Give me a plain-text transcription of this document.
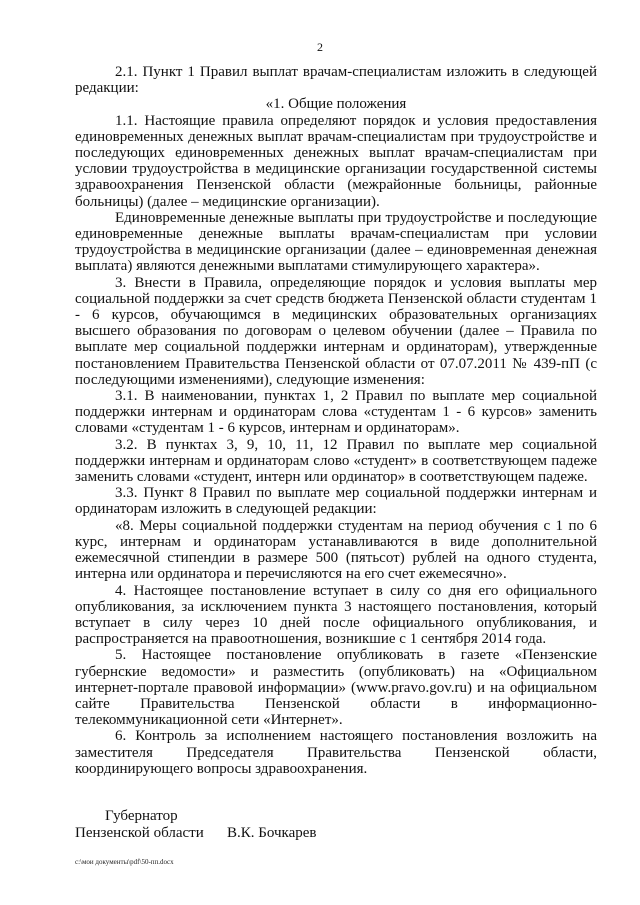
2

2.1. Пункт 1 Правил выплат врачам-специалистам изложить в следующей редакции:

«1. Общие положения

1.1. Настоящие правила определяют порядок и условия предоставления единовременных денежных выплат врачам-специалистам при трудоустройстве и последующих единовременных денежных выплат врачам-специалистам при условии трудоустройства в медицинские организации государственной системы здравоохранения Пензенской области (межрайонные больницы, районные больницы) (далее – медицинские организации).

Единовременные денежные выплаты при трудоустройстве и последующие единовременные денежные выплаты врачам-специалистам при условии трудоустройства в медицинские организации (далее – единовременная денежная выплата) являются денежными выплатами стимулирующего характера».

3. Внести в Правила, определяющие порядок и условия выплаты мер социальной поддержки за счет средств бюджета Пензенской области студентам 1 - 6 курсов, обучающимся в медицинских образовательных организациях высшего образования по договорам о целевом обучении (далее – Правила по выплате мер социальной поддержки интернам и ординаторам), утвержденные постановлением Правительства Пензенской области от 07.07.2011 № 439-пП (с последующими изменениями), следующие изменения:

3.1. В наименовании, пунктах 1, 2 Правил по выплате мер социальной поддержки интернам и ординаторам слова «студентам 1 - 6 курсов» заменить словами «студентам 1 - 6 курсов, интернам и ординаторам».

3.2. В пунктах 3, 9, 10, 11, 12 Правил по выплате мер социальной поддержки интернам и ординаторам слово «студент» в соответствующем падеже заменить словами «студент, интерн или ординатор» в соответствующем падеже.

3.3. Пункт 8 Правил по выплате мер социальной поддержки интернам и ординаторам изложить в следующей редакции:

«8. Меры социальной поддержки студентам на период обучения с 1 по 6 курс, интернам и ординаторам устанавливаются в виде дополнительной ежемесячной стипендии в размере 500 (пятьсот) рублей на одного студента, интерна или ординатора и перечисляются на его счет ежемесячно».

4. Настоящее постановление вступает в силу со дня его официального опубликования, за исключением пункта 3 настоящего постановления, который вступает в силу через 10 дней после официального опубликования, и распространяется на правоотношения, возникшие с 1 сентября 2014 года.

5. Настоящее постановление опубликовать в газете «Пензенские губернские ведомости» и разместить (опубликовать) на «Официальном интернет-портале правовой информации» (www.pravo.gov.ru) и на официальном сайте Правительства Пензенской области в информационно-телекоммуникационной сети «Интернет».

6. Контроль за исполнением настоящего постановления возложить на заместителя Председателя Правительства Пензенской области, координирующего вопросы здравоохранения.

Губернатор
Пензенской области В.К. Бочкарев
c:\мои документы\pdf\50-пп.docx
